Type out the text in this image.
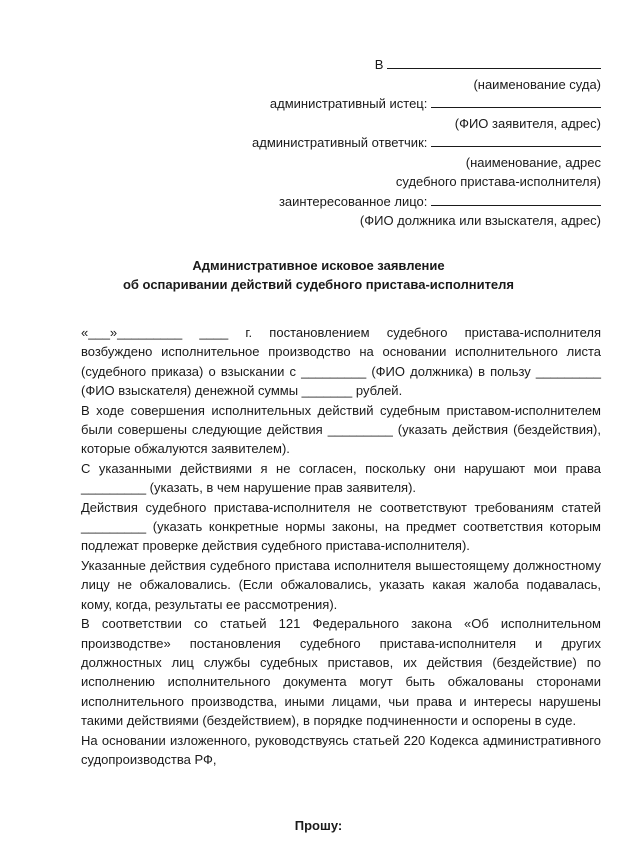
В
(наименование суда)
административный истец:
(ФИО заявителя, адрес)
административный ответчик:
(наименование, адрес
судебного пристава-исполнителя)
заинтересованное лицо:
(ФИО должника или взыскателя, адрес)
Административное исковое заявление
об оспаривании действий судебного пристава-исполнителя

«___»_________ ____ г. постановлением судебного пристава-исполнителя возбуждено исполнительное производство на основании исполнительного листа (судебного приказа) о взыскании с _________ (ФИО должника) в пользу _________ (ФИО взыскателя) денежной суммы _______ рублей.

В ходе совершения исполнительных действий судебным приставом-исполнителем были совершены следующие действия _________ (указать действия (бездействия), которые обжалуются заявителем).

С указанными действиями я не согласен, поскольку они нарушают мои права _________ (указать, в чем нарушение прав заявителя).

Действия судебного пристава-исполнителя не соответствуют требованиям статей _________ (указать конкретные нормы законы, на предмет соответствия которым подлежат проверке действия судебного пристава-исполнителя).

Указанные действия судебного пристава исполнителя вышестоящему должностному лицу не обжаловались. (Если обжаловались, указать какая жалоба подавалась, кому, когда, результаты ее рассмотрения).

В соответствии со статьей 121 Федерального закона «Об исполнительном производстве» постановления судебного пристава-исполнителя и других должностных лиц службы судебных приставов, их действия (бездействие) по исполнению исполнительного документа могут быть обжалованы сторонами исполнительного производства, иными лицами, чьи права и интересы нарушены такими действиями (бездействием), в порядке подчиненности и оспорены в суде.

На основании изложенного, руководствуясь статьей 220 Кодекса административного судопроизводства РФ,

Прошу:
